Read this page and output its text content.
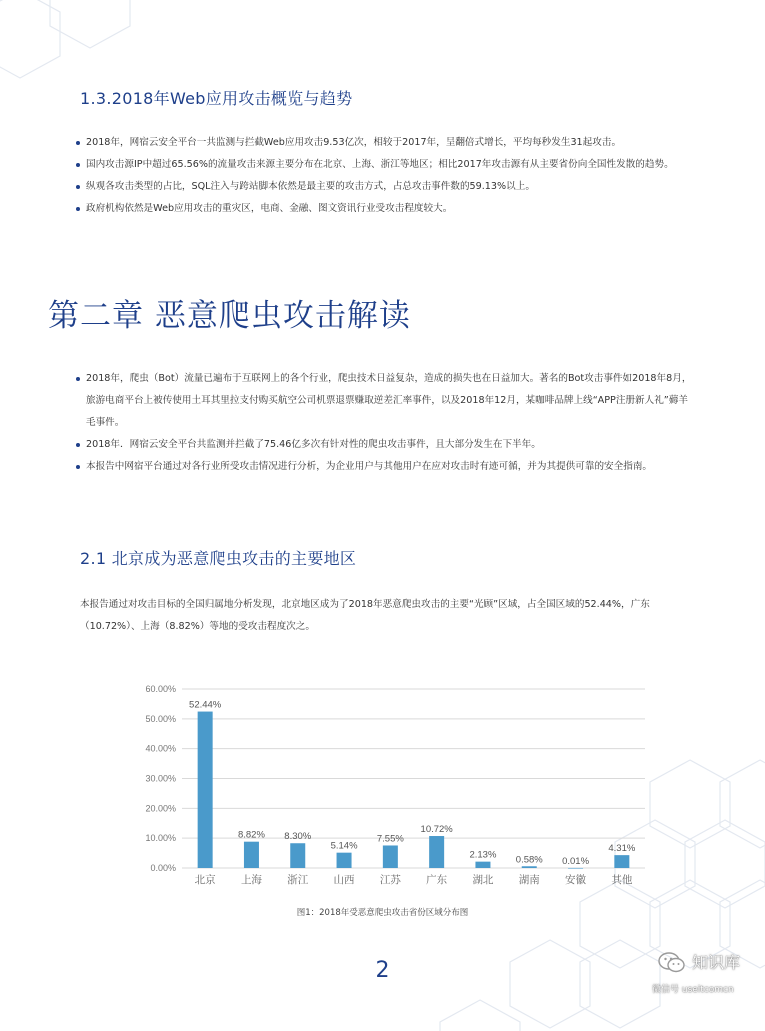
1.3.2018年Web应用攻击概览与趋势
2018年，网宿云安全平台一共监测与拦截Web应用攻击9.53亿次，相较于2017年，呈翻倍式增长，平均每秒发生31起攻击。
国内攻击源IP中超过65.56%的流量攻击来源主要分布在北京、上海、浙江等地区；相比2017年攻击源有从主要省份向全国性发散的趋势。
纵观各攻击类型的占比，SQL注入与跨站脚本依然是最主要的攻击方式，占总攻击事件数的59.13%以上。
政府机构依然是Web应用攻击的重灾区，电商、金融、图文资讯行业受攻击程度较大。
第二章 恶意爬虫攻击解读
2018年，爬虫（Bot）流量已遍布于互联网上的各个行业，爬虫技术日益复杂，造成的损失也在日益加大。著名的Bot攻击事件如2018年8月，旅游电商平台上被传使用土耳其里拉支付购买航空公司机票退票赚取逆差汇率事件，以及2018年12月，某咖啡品牌上线“APP注册新人礼”薅羊毛事件。
2018年．网宿云安全平台共监测并拦截了75.46亿多次有针对性的爬虫攻击事件，且大部分发生在下半年。
本报告中网宿平台通过对各行业所受攻击情况进行分析，为企业用户与其他用户在应对攻击时有迹可循，并为其提供可靠的安全指南。
2.1 北京成为恶意爬虫攻击的主要地区

本报告通过对攻击目标的全国归属地分析发现，北京地区成为了2018年恶意爬虫攻击的主要“光顾”区域，占全国区域的52.44%，广东（10.72%）、上海（8.82%）等地的受攻击程度次之。

0.00%
10.00%
20.00%
30.00%
40.00%
50.00%
60.00%
52.44%
8.82% 8.30%
5.14%
7.55%
10.72%
2.13% 0.58% 0.01%
4.31%
北京 上海 浙江 山西 江苏 广东 湖北 湖南 安徽 其他
图1：2018年受恶意爬虫攻击省份区域分布图
2	知识库
微信号 useitcomcn
